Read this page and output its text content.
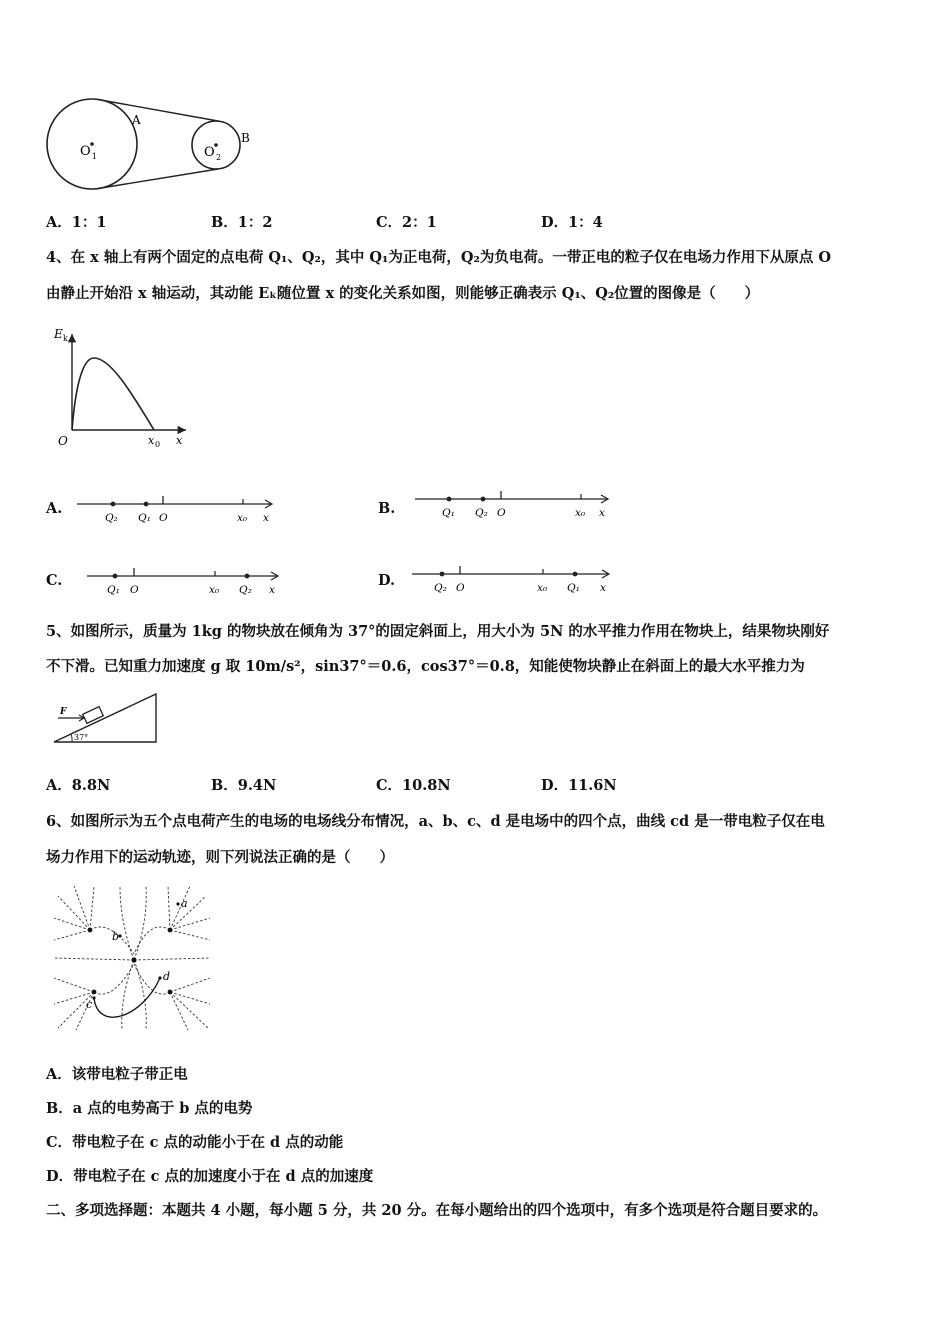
O 1	O 2
A
B
A．1：1	B．1：2	C．2：1	D．1：4
4、在 x 轴上有两个固定的点电荷 Q₁、Q₂，其中 Q₁为正电荷，Q₂为负电荷。一带正电的粒子仅在电场力作用下从原点 O
由静止开始沿 x 轴运动，其动能 Eₖ随位置 x 的变化关系如图，则能够正确表示 Q₁、Q₂位置的图像是（　　）
E k
O	x 0 x
A.
Q₂ Q₁ O	x₀ x
B.	Q₁ Q₂ O	x₀ x
C.
Q₁ O	x₀ Q₂ x
D.	Q₂ O	x₀ Q₁ x
5、如图所示，质量为 1kg 的物块放在倾角为 37°的固定斜面上，用大小为 5N 的水平推力作用在物块上，结果物块刚好
不下滑。已知重力加速度 g 取 10m/s²，sin37°＝0.6，cos37°＝0.8，知能使物块静止在斜面上的最大水平推力为
F
37°
A．8.8N	B．9.4N	C．10.8N	D．11.6N
6、如图所示为五个点电荷产生的电场的电场线分布情况，a、b、c、d 是电场中的四个点，曲线 cd 是一带电粒子仅在电
场力作用下的运动轨迹，则下列说法正确的是（　　）
a
b
c
d
A．该带电粒子带正电
B．a 点的电势高于 b 点的电势
C．带电粒子在 c 点的动能小于在 d 点的动能
D．带电粒子在 c 点的加速度小于在 d 点的加速度
二、多项选择题：本题共 4 小题，每小题 5 分，共 20 分。在每小题给出的四个选项中，有多个选项是符合题目要求的。
